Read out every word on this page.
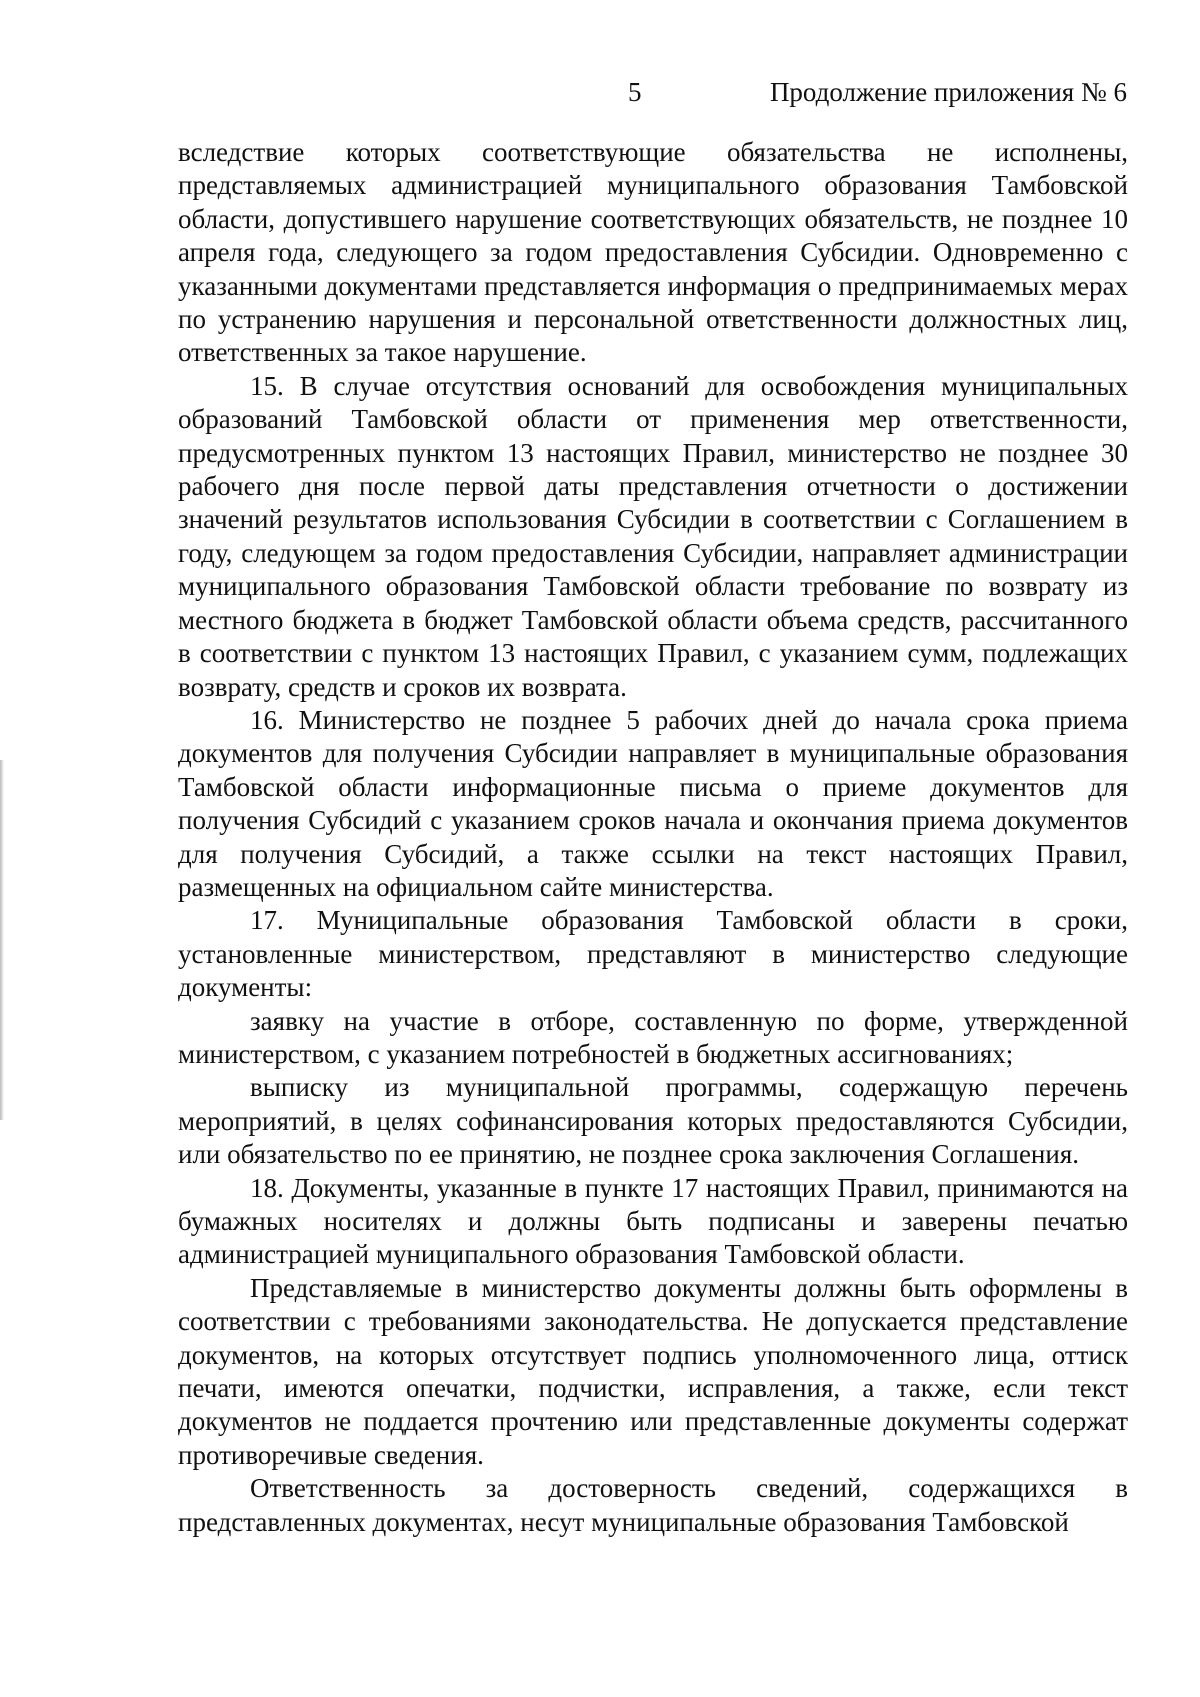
5	Продолжение приложения № 6

вследствие которых соответствующие обязательства не исполнены, представляемых администрацией муниципального образования Тамбовской области, допустившего нарушение соответствующих обязательств, не позднее 10 апреля года, следующего за годом предоставления Субсидии. Одновременно с указанными документами представляется информация о предпринимаемых мерах по устранению нарушения и персональной ответственности должностных лиц, ответственных за такое нарушение.

15. В случае отсутствия оснований для освобождения муниципальных образований Тамбовской области от применения мер ответственности, предусмотренных пунктом 13 настоящих Правил, министерство не позднее 30 рабочего дня после первой даты представления отчетности о достижении значений результатов использования Субсидии в соответствии с Соглашением в году, следующем за годом предоставления Субсидии, направляет администрации муниципального образования Тамбовской области требование по возврату из местного бюджета в бюджет Тамбовской области объема средств, рассчитанного в соответствии с пунктом 13 настоящих Правил, с указанием сумм, подлежащих возврату, средств и сроков их возврата.

16. Министерство не позднее 5 рабочих дней до начала срока приема документов для получения Субсидии направляет в муниципальные образования Тамбовской области информационные письма о приеме документов для получения Субсидий с указанием сроков начала и окончания приема документов для получения Субсидий, а также ссылки на текст настоящих Правил, размещенных на официальном сайте министерства.

17. Муниципальные образования Тамбовской области в сроки, установленные министерством, представляют в министерство следующие документы:

заявку на участие в отборе, составленную по форме, утвержденной министерством, с указанием потребностей в бюджетных ассигнованиях;

выписку из муниципальной программы, содержащую перечень мероприятий, в целях софинансирования которых предоставляются Субсидии, или обязательство по ее принятию, не позднее срока заключения Соглашения.

18. Документы, указанные в пункте 17 настоящих Правил, принимаются на бумажных носителях и должны быть подписаны и заверены печатью администрацией муниципального образования Тамбовской области.

Представляемые в министерство документы должны быть оформлены в соответствии с требованиями законодательства. Не допускается представление документов, на которых отсутствует подпись уполномоченного лица, оттиск печати, имеются опечатки, подчистки, исправления, а также, если текст документов не поддается прочтению или представленные документы содержат противоречивые сведения.

Ответственность за достоверность сведений, содержащихся в представленных документах, несут муниципальные образования Тамбовской
